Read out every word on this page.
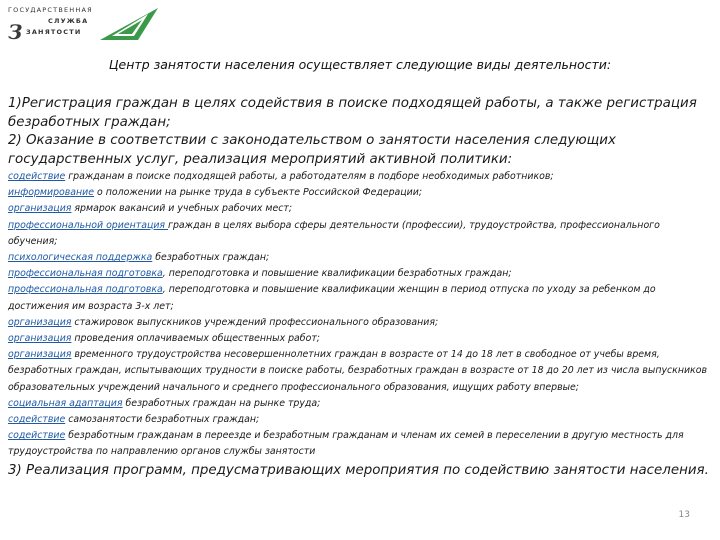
ГОСУДАРСТВЕННАЯ
СЛУЖБА
З ЗАНЯТОСТИ
Центр занятости населения осуществляет следующие виды деятельности:

1)Регистрация граждан в целях содействия в поиске подходящей работы, а также регистрация безработных граждан;

2) Оказание в соответствии с законодательством о занятости населения следующих государственных услуг, реализация мероприятий активной политики:

содействие гражданам в поиске подходящей работы, а работодателям в подборе необходимых работников;

информирование о положении на рынке труда в субъекте Российской Федерации;

организация ярмарок вакансий и учебных рабочих мест;

профессиональной ориентация граждан в целях выбора сферы деятельности (профессии), трудоустройства, профессионального обучения;

психологическая поддержка безработных граждан;

профессиональная подготовка, переподготовка и повышение квалификации безработных граждан;

профессиональная подготовка, переподготовка и повышение квалификации женщин в период отпуска по уходу за ребенком до достижения им возраста 3-х лет;

организация стажировок выпускников учреждений профессионального образования;

организация проведения оплачиваемых общественных работ;

организация временного трудоустройства несовершеннолетних граждан в возрасте от 14 до 18 лет в свободное от учебы время, безработных граждан, испытывающих трудности в поиске работы, безработных граждан в возрасте от 18 до 20 лет из числа выпускников образовательных учреждений начального и среднего профессионального образования, ищущих работу впервые;

социальная адаптация безработных граждан на рынке труда;

содействие самозанятости безработных граждан;

содействие безработным гражданам в переезде и безработным гражданам и членам их семей в переселении в другую местность для трудоустройства по направлению органов службы занятости

3) Реализация программ, предусматривающих мероприятия по содействию занятости населения.

13
